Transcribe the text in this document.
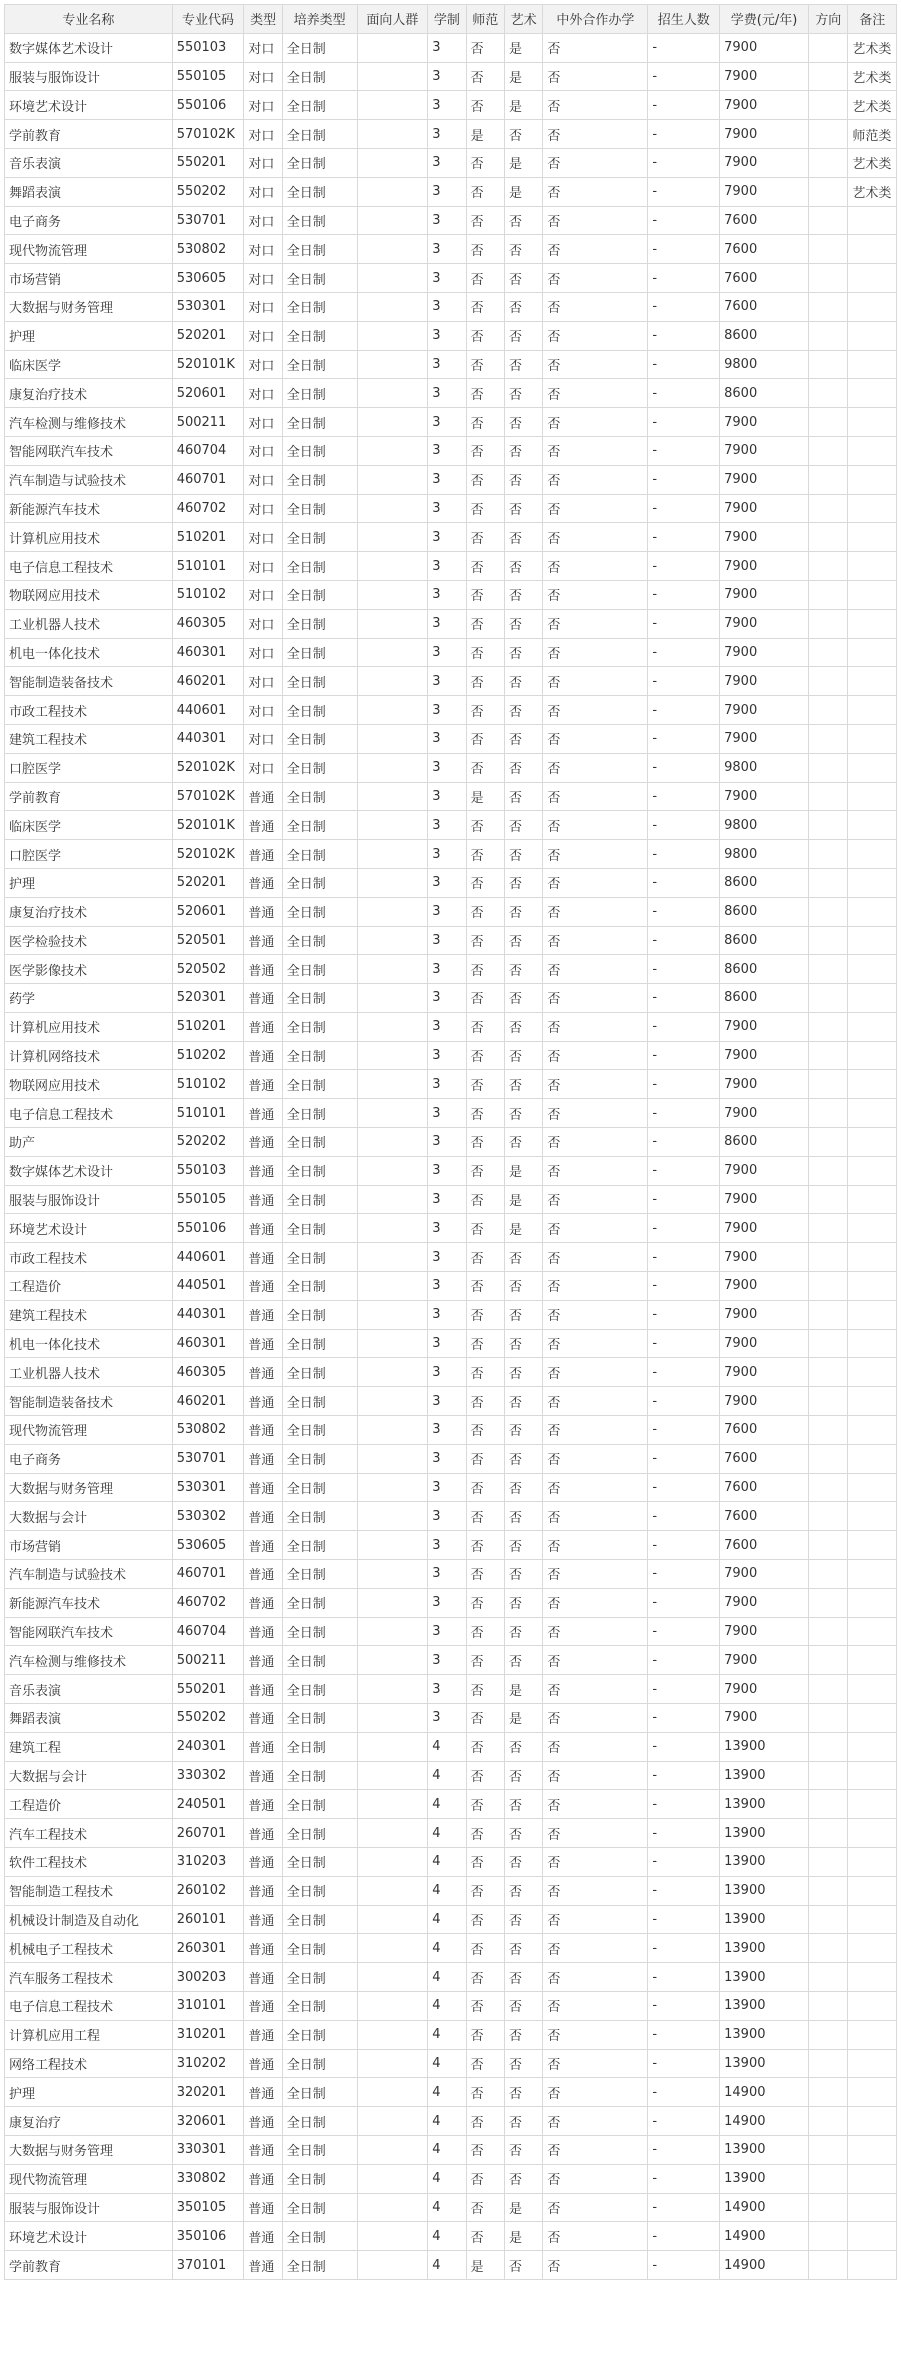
专业名称	专业代码	类型	培养类型	面向人群	学制	师范	艺术	中外合作办学	招生人数	学费(元/年)	方向	备注
数字媒体艺术设计	550103	对口	全日制		3	否	是	否	-	7900		艺术类
服装与服饰设计	550105	对口	全日制		3	否	是	否	-	7900		艺术类
环境艺术设计	550106	对口	全日制		3	否	是	否	-	7900		艺术类
学前教育	570102K	对口	全日制		3	是	否	否	-	7900		师范类
音乐表演	550201	对口	全日制		3	否	是	否	-	7900		艺术类
舞蹈表演	550202	对口	全日制		3	否	是	否	-	7900		艺术类
电子商务	530701	对口	全日制		3	否	否	否	-	7600		
现代物流管理	530802	对口	全日制		3	否	否	否	-	7600		
市场营销	530605	对口	全日制		3	否	否	否	-	7600		
大数据与财务管理	530301	对口	全日制		3	否	否	否	-	7600		
护理	520201	对口	全日制		3	否	否	否	-	8600		
临床医学	520101K	对口	全日制		3	否	否	否	-	9800		
康复治疗技术	520601	对口	全日制		3	否	否	否	-	8600		
汽车检测与维修技术	500211	对口	全日制		3	否	否	否	-	7900		
智能网联汽车技术	460704	对口	全日制		3	否	否	否	-	7900		
汽车制造与试验技术	460701	对口	全日制		3	否	否	否	-	7900		
新能源汽车技术	460702	对口	全日制		3	否	否	否	-	7900		
计算机应用技术	510201	对口	全日制		3	否	否	否	-	7900		
电子信息工程技术	510101	对口	全日制		3	否	否	否	-	7900		
物联网应用技术	510102	对口	全日制		3	否	否	否	-	7900		
工业机器人技术	460305	对口	全日制		3	否	否	否	-	7900		
机电一体化技术	460301	对口	全日制		3	否	否	否	-	7900		
智能制造装备技术	460201	对口	全日制		3	否	否	否	-	7900		
市政工程技术	440601	对口	全日制		3	否	否	否	-	7900		
建筑工程技术	440301	对口	全日制		3	否	否	否	-	7900		
口腔医学	520102K	对口	全日制		3	否	否	否	-	9800		
学前教育	570102K	普通	全日制		3	是	否	否	-	7900		
临床医学	520101K	普通	全日制		3	否	否	否	-	9800		
口腔医学	520102K	普通	全日制		3	否	否	否	-	9800		
护理	520201	普通	全日制		3	否	否	否	-	8600		
康复治疗技术	520601	普通	全日制		3	否	否	否	-	8600		
医学检验技术	520501	普通	全日制		3	否	否	否	-	8600		
医学影像技术	520502	普通	全日制		3	否	否	否	-	8600		
药学	520301	普通	全日制		3	否	否	否	-	8600		
计算机应用技术	510201	普通	全日制		3	否	否	否	-	7900		
计算机网络技术	510202	普通	全日制		3	否	否	否	-	7900		
物联网应用技术	510102	普通	全日制		3	否	否	否	-	7900		
电子信息工程技术	510101	普通	全日制		3	否	否	否	-	7900		
助产	520202	普通	全日制		3	否	否	否	-	8600		
数字媒体艺术设计	550103	普通	全日制		3	否	是	否	-	7900		
服装与服饰设计	550105	普通	全日制		3	否	是	否	-	7900		
环境艺术设计	550106	普通	全日制		3	否	是	否	-	7900		
市政工程技术	440601	普通	全日制		3	否	否	否	-	7900		
工程造价	440501	普通	全日制		3	否	否	否	-	7900		
建筑工程技术	440301	普通	全日制		3	否	否	否	-	7900		
机电一体化技术	460301	普通	全日制		3	否	否	否	-	7900		
工业机器人技术	460305	普通	全日制		3	否	否	否	-	7900		
智能制造装备技术	460201	普通	全日制		3	否	否	否	-	7900		
现代物流管理	530802	普通	全日制		3	否	否	否	-	7600		
电子商务	530701	普通	全日制		3	否	否	否	-	7600		
大数据与财务管理	530301	普通	全日制		3	否	否	否	-	7600		
大数据与会计	530302	普通	全日制		3	否	否	否	-	7600		
市场营销	530605	普通	全日制		3	否	否	否	-	7600		
汽车制造与试验技术	460701	普通	全日制		3	否	否	否	-	7900		
新能源汽车技术	460702	普通	全日制		3	否	否	否	-	7900		
智能网联汽车技术	460704	普通	全日制		3	否	否	否	-	7900		
汽车检测与维修技术	500211	普通	全日制		3	否	否	否	-	7900		
音乐表演	550201	普通	全日制		3	否	是	否	-	7900		
舞蹈表演	550202	普通	全日制		3	否	是	否	-	7900		
建筑工程	240301	普通	全日制		4	否	否	否	-	13900		
大数据与会计	330302	普通	全日制		4	否	否	否	-	13900		
工程造价	240501	普通	全日制		4	否	否	否	-	13900		
汽车工程技术	260701	普通	全日制		4	否	否	否	-	13900		
软件工程技术	310203	普通	全日制		4	否	否	否	-	13900		
智能制造工程技术	260102	普通	全日制		4	否	否	否	-	13900		
机械设计制造及自动化	260101	普通	全日制		4	否	否	否	-	13900		
机械电子工程技术	260301	普通	全日制		4	否	否	否	-	13900		
汽车服务工程技术	300203	普通	全日制		4	否	否	否	-	13900		
电子信息工程技术	310101	普通	全日制		4	否	否	否	-	13900		
计算机应用工程	310201	普通	全日制		4	否	否	否	-	13900		
网络工程技术	310202	普通	全日制		4	否	否	否	-	13900		
护理	320201	普通	全日制		4	否	否	否	-	14900		
康复治疗	320601	普通	全日制		4	否	否	否	-	14900		
大数据与财务管理	330301	普通	全日制		4	否	否	否	-	13900		
现代物流管理	330802	普通	全日制		4	否	否	否	-	13900		
服装与服饰设计	350105	普通	全日制		4	否	是	否	-	14900		
环境艺术设计	350106	普通	全日制		4	否	是	否	-	14900		
学前教育	370101	普通	全日制		4	是	否	否	-	14900		
